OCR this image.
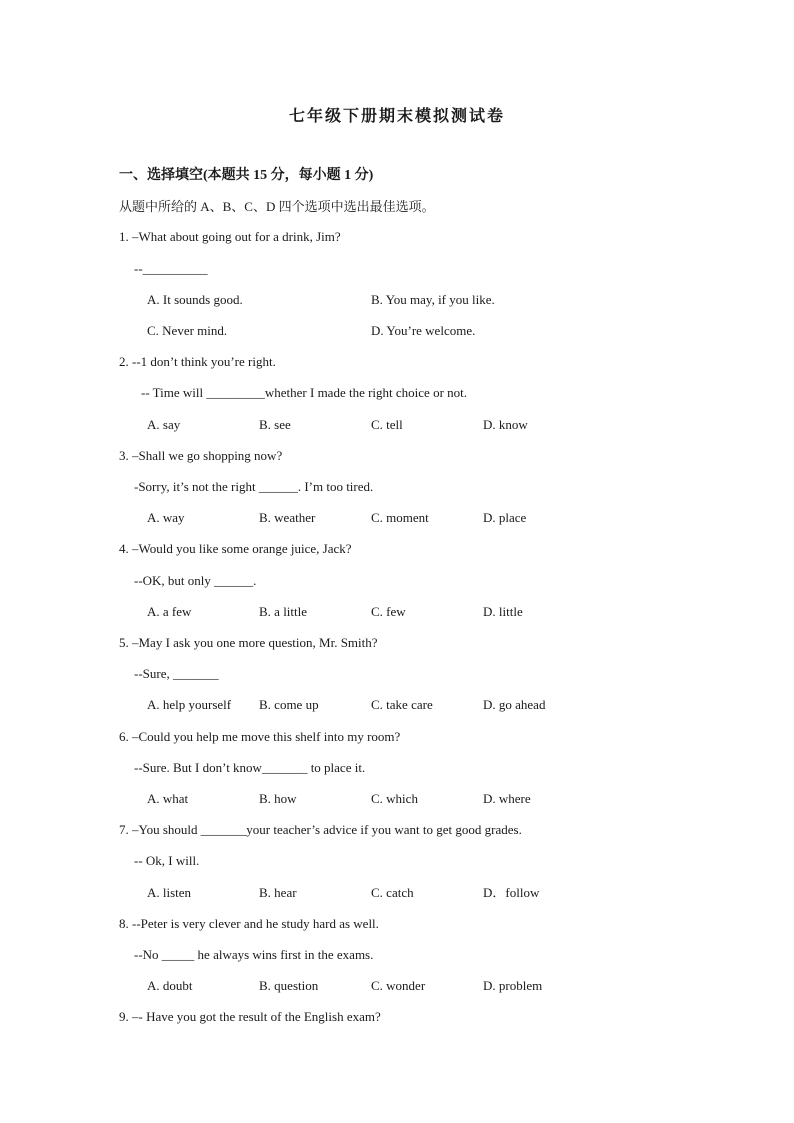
七年级下册期末模拟测试卷
一、选择填空(本题共 15 分，每小题 1 分)
从题中所给的 A、B、C、D 四个选项中选出最佳选项。
1. –What about going out for a drink, Jim?
--__________
A. It sounds good.	B. You may, if you like.
C. Never mind.	D. You’re welcome.
2. --1 don’t think you’re right.
-- Time will _________whether I made the right choice or not.
A. say	B. see	C. tell	D. know
3. –Shall we go shopping now?
-Sorry, it’s not the right ______. I’m too tired.
A. way	B. weather	C. moment	D. place
4. –Would you like some orange juice, Jack?
--OK, but only ______.
A. a few	B. a little	C. few	D. little
5. –May I ask you one more question, Mr. Smith?
--Sure, _______
A. help yourself B. come up	C. take care	D. go ahead
6. –Could you help me move this shelf into my room?
--Sure. But I don’t know_______ to place it.
A. what	B. how	C. which	D. where
7. –You should _______your teacher’s advice if you want to get good grades.
-- Ok, I will.
A. listen	B. hear	C. catch	D．follow
8. --Peter is very clever and he study hard as well.
--No _____ he always wins first in the exams.
A. doubt	B. question	C. wonder	D. problem
9. –- Have you got the result of the English exam?
